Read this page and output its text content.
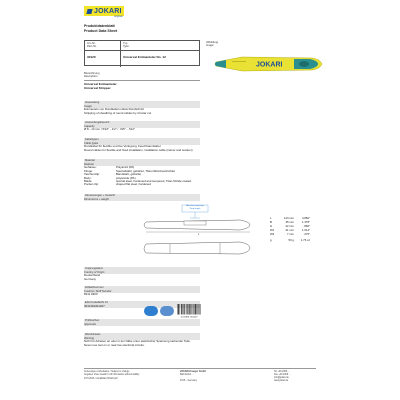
JOKARI
original
Produktdatenblatt
Product Data Sheet
Art.-Nr.
Part No.
Typ
Type
30120	Universal Entmanteler No. 12
Abbildung
Image
JOKARI
Bezeichnung
Description
Universal Entmanteler
Universal Stripper
Anwendung
Usage
Entmanteln von Rundkabel mittels Rundschnitt
Stripping of sheathing of round cables by circular cut
Anwendungsbereich
Capacity
Ø 8 - 13 mm / 5/16" - 1/2" / .315" - .512"
Kabeltypen
Cable types
Rundkabel für flexible und fixe Verlegung, Feuchtraumkabel
Round cables for flexible and fixed installation, installation cable (indoor and outdoor)
Material
Material
Gehäuse:	Polyamid (PA)
Klinge:	Spezialstahl, gehärtet, Titan-Nitrid-beschichtet
Taschenclip:	Bandstahl, gehärtet
Body:	polyamide (PA)
Blade:	special steel, hardened and tempered, Titan-Nitride coated
Pocket clip:	shaped flat steel, hardened
Abmessungen + Gewicht
Dimensions + weight
L
Abisolierungslänge
Strip length
L	124 mm	4.882"
B	35 mm	1.378"
H	22 mm	.866"
W1	41 mm	1.614"
W2	7 mm	.276"
g	50 g	1.76 oz
Ursprungsland
Country of Origin
Deutschland
Germany
Zolltarifnummer
Customs Tariff Number
8211 9300
EAN Code/EAN 13
4011391301207
4 011391 301207
Prüfzeichen
Approvals
Warnhinweis
Warning
Nicht für Arbeiten an oder in der Nähe unter elektrischer Spannung stehender Teile.
Never use tool on or near live electrical circuits.
Änderungen vorbehalten / Subject to change
Angaben ohne Gewähr / All information without liability
23.5.2016 / Jonaliblatt 30120.pdf
JOKARI-Krueger GmbH
Bahnhofstr. ...
...
D-58... Germany
Tel +49 2306 ...
Fax +49 2306 ...
info@jokari.de
www.jokari.de
